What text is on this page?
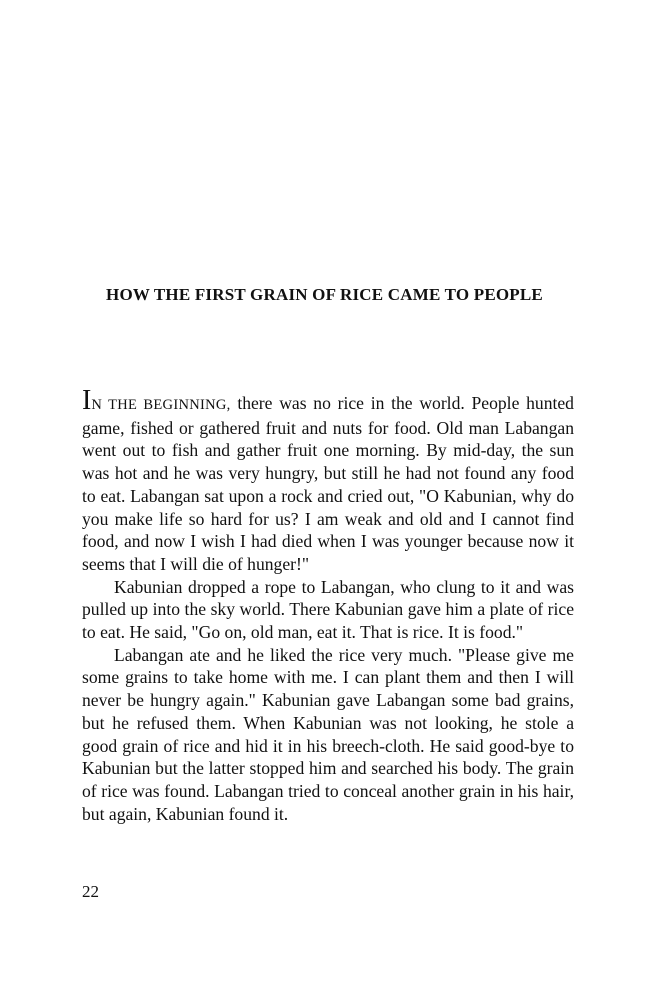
HOW THE FIRST GRAIN OF RICE CAME TO PEOPLE

IN THE BEGINNING, there was no rice in the world. People hunted game, fished or gathered fruit and nuts for food. Old man Labangan went out to fish and gather fruit one morning. By mid-day, the sun was hot and he was very hungry, but still he had not found any food to eat. Labangan sat upon a rock and cried out, "O Kabunian, why do you make life so hard for us? I am weak and old and I cannot find food, and now I wish I had died when I was younger because now it seems that I will die of hunger!"

Kabunian dropped a rope to Labangan, who clung to it and was pulled up into the sky world. There Kabunian gave him a plate of rice to eat. He said, "Go on, old man, eat it. That is rice. It is food."

Labangan ate and he liked the rice very much. "Please give me some grains to take home with me. I can plant them and then I will never be hungry again." Kabunian gave Labangan some bad grains, but he refused them. When Kabunian was not looking, he stole a good grain of rice and hid it in his breech-cloth. He said good-bye to Kabunian but the latter stopped him and searched his body. The grain of rice was found. Labangan tried to conceal another grain in his hair, but again, Kabunian found it.

22
